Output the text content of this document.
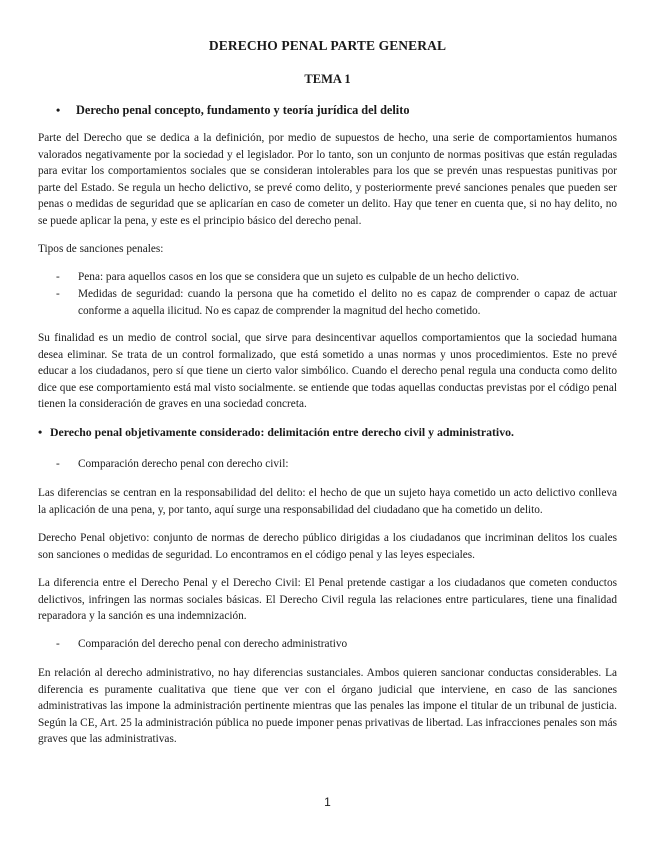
DERECHO PENAL PARTE GENERAL
TEMA 1
•	Derecho penal concepto, fundamento y teoría jurídica del delito

Parte del Derecho que se dedica a la definición, por medio de supuestos de hecho, una serie de comportamientos humanos valorados negativamente por la sociedad y el legislador. Por lo tanto, son un conjunto de normas positivas que están reguladas para evitar los comportamientos sociales que se consideran intolerables para los que se prevén unas respuestas punitivas por parte del Estado. Se regula un hecho delictivo, se prevé como delito, y posteriormente prevé sanciones penales que pueden ser penas o medidas de seguridad que se aplicarían en caso de cometer un delito. Hay que tener en cuenta que, si no hay delito, no se puede aplicar la pena, y este es el principio básico del derecho penal.

Tipos de sanciones penales:

-	Pena: para aquellos casos en los que se considera que un sujeto es culpable de un hecho delictivo.
-	Medidas de seguridad: cuando la persona que ha cometido el delito no es capaz de comprender o capaz de actuar conforme a aquella ilicitud. No es capaz de comprender la magnitud del hecho cometido.

Su finalidad es un medio de control social, que sirve para desincentivar aquellos comportamientos que la sociedad humana desea eliminar. Se trata de un control formalizado, que está sometido a unas normas y unos procedimientos. Este no prevé educar a los ciudadanos, pero sí que tiene un cierto valor simbólico. Cuando el derecho penal regula una conducta como delito dice que ese comportamiento está mal visto socialmente. se entiende que todas aquellas conductas previstas por el código penal tienen la consideración de graves en una sociedad concreta.

• Derecho penal objetivamente considerado: delimitación entre derecho civil y administrativo.
-	Comparación derecho penal con derecho civil:

Las diferencias se centran en la responsabilidad del delito: el hecho de que un sujeto haya cometido un acto delictivo conlleva la aplicación de una pena, y, por tanto, aquí surge una responsabilidad del ciudadano que ha cometido un delito.

Derecho Penal objetivo: conjunto de normas de derecho público dirigidas a los ciudadanos que incriminan delitos los cuales son sanciones o medidas de seguridad. Lo encontramos en el código penal y las leyes especiales.

La diferencia entre el Derecho Penal y el Derecho Civil: El Penal pretende castigar a los ciudadanos que cometen conductos delictivos, infringen las normas sociales básicas. El Derecho Civil regula las relaciones entre particulares, tiene una finalidad reparadora y la sanción es una indemnización.

-	Comparación del derecho penal con derecho administrativo

En relación al derecho administrativo, no hay diferencias sustanciales. Ambos quieren sancionar conductas considerables. La diferencia es puramente cualitativa que tiene que ver con el órgano judicial que interviene, en caso de las sanciones administrativas las impone la administración pertinente mientras que las penales las impone el titular de un tribunal de justicia. Según la CE, Art. 25 la administración pública no puede imponer penas privativas de libertad. Las infracciones penales son más graves que las administrativas.

1
